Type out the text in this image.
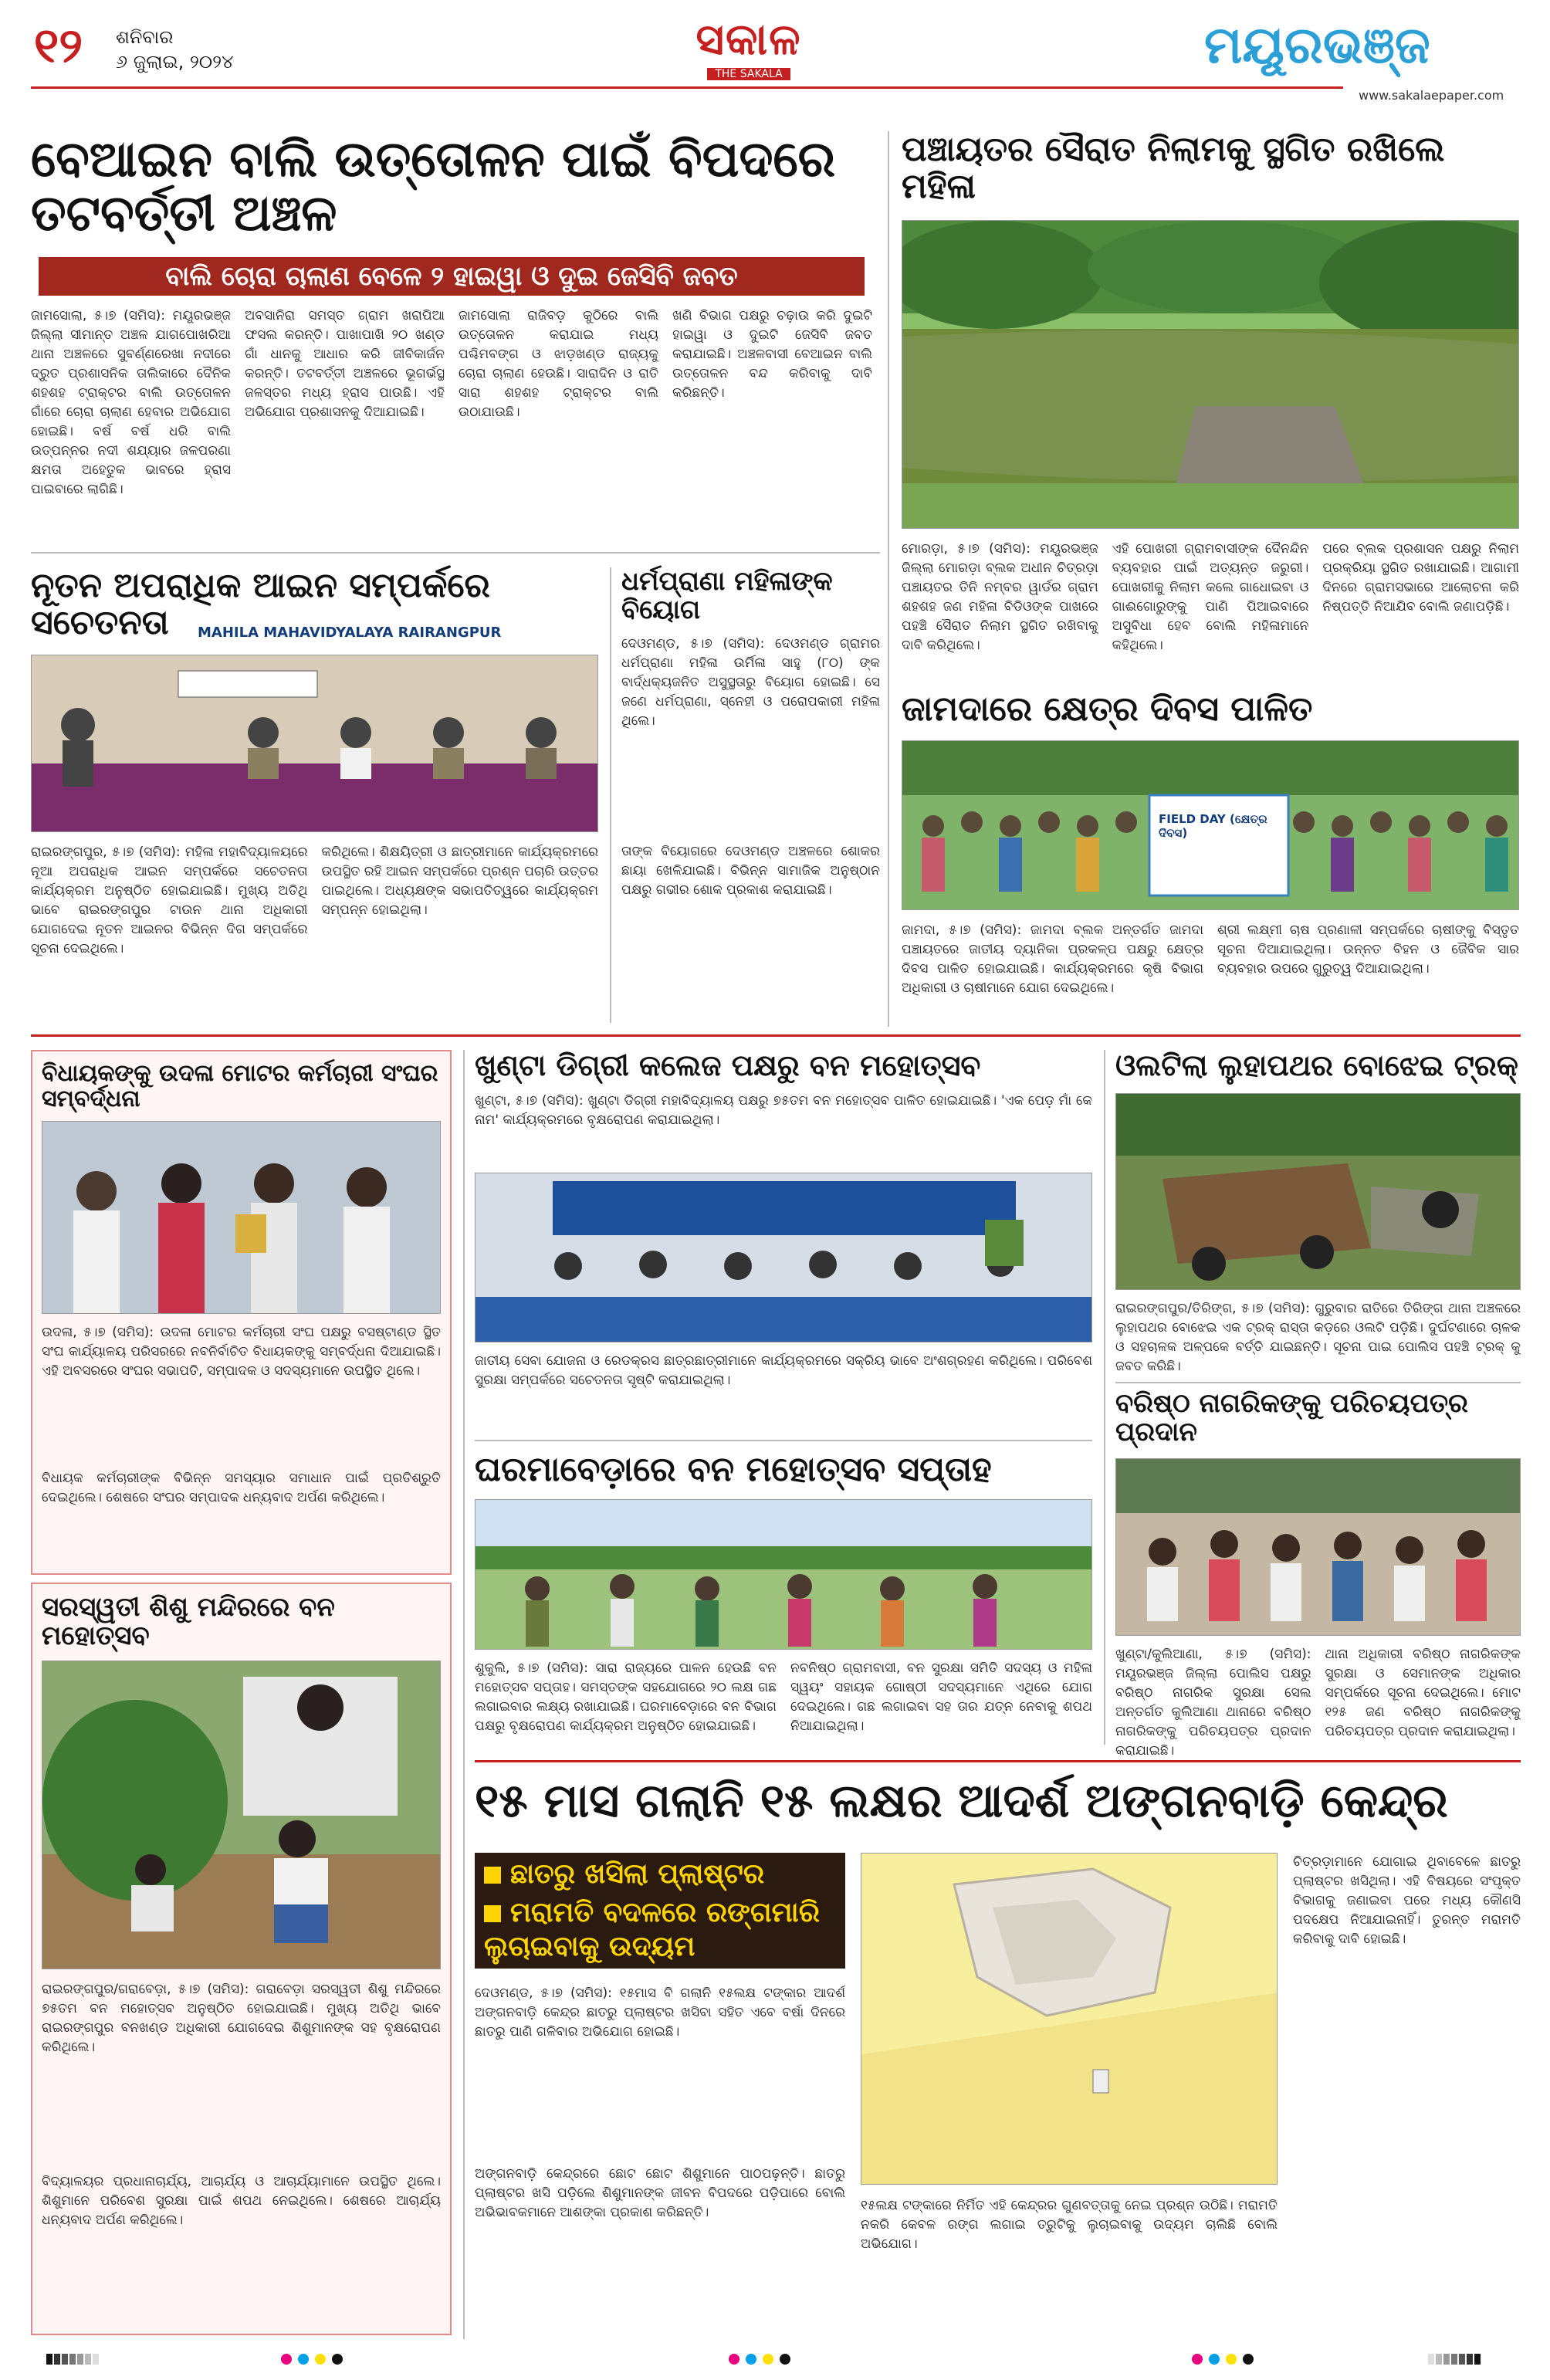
୧୨ ଶନିବାର
୬ ଜୁଲାଇ, ୨୦୨୪	ସକାଳ
THE SAKALA	ମୟୂରଭଞ୍ଜ
www.sakalaepaper.com
ବେଆଇନ ବାଲି ଉତ୍ତୋଳନ ପାଇଁ ବିପଦରେ ତଟବର୍ତ୍ତୀ ଅଞ୍ଚଳ
ବାଲି ଚୋରା ଚାଲାଣ ବେଳେ ୨ ହାଇୱା ଓ ଦୁଇ ଜେସିବି ଜବତ
ଜାମସୋଲା, ୫।୭ (ସମିସ): ମୟୂରଭଞ୍ଜ ଜିଲ୍ଲା ସୀମାନ୍ତ ଅଞ୍ଚଳ ଯାଗପୋଖରିଆ ଥାନା ଅଞ୍ଚଳରେ ସୁବର୍ଣ୍ଣରେଖା ନଦୀରେ ଦ୍ରୁତ ପ୍ରଶାସନିକ ତାଲିକାରେ ଦୈନିକ ଶହଶହ ଟ୍ରାକ୍ଟର ବାଲି ଉତ୍ତୋଳନ ଗାଁରେ ଚୋରା ଚାଲାଣ ହେବାର ଅଭିଯୋଗ ହୋଇଛି। ବର୍ଷ ବର୍ଷ ଧରି ବାଲି ଉତ୍ପନ୍ନର ନଦୀ ଶଯ୍ୟାର ଜଳପରଣା କ୍ଷମତା ଅହେତୁକ ଭାବରେ ହ୍ରାସ ପାଇବାରେ ଲାଗିଛି।
ଅବସାନିରା ସମସ୍ତ ଗ୍ରାମ ଖରାପିଆ ଫସଲ କରନ୍ତି। ପାଖାପାଖି ୨୦ ଖଣ୍ଡ ଗାଁ ଧାନକୁ ଆଧାର କରି ଜୀବିକାର୍ଜନ କରନ୍ତି। ତଟବର୍ତ୍ତୀ ଅଞ୍ଚଳରେ ଭୂଗର୍ଭସ୍ଥ ଜଳସ୍ତର ମଧ୍ୟ ହ୍ରାସ ପାଉଛି। ଏହି ଅଭିଯୋଗ ପ୍ରଶାସନକୁ ଦିଆଯାଇଛି।
ଜାମସୋଲା ରାଜିବଡ଼ କୁଠିରେ ବାଲି ଉତ୍ତୋଳନ କରାଯାଇ ମଧ୍ୟ ପଶ୍ଚିମବଙ୍ଗ ଓ ଝାଡ଼ଖଣ୍ଡ ରାଜ୍ୟକୁ ଚୋରା ଚାଲାଣ ହେଉଛି। ସାରାଦିନ ଓ ରାତି ସାରା ଶହଶହ ଟ୍ରାକ୍ଟର ବାଲି ଉଠାଯାଉଛି।
ଖଣି ବିଭାଗ ପକ୍ଷରୁ ଚଢ଼ାଉ କରି ଦୁଇଟି ହାଇୱା ଓ ଦୁଇଟି ଜେସିବି ଜବତ କରାଯାଇଛି। ଅଞ୍ଚଳବାସୀ ବେଆଇନ ବାଲି ଉତ୍ତୋଳନ ବନ୍ଦ କରିବାକୁ ଦାବି କରିଛନ୍ତି।
ପଞ୍ଚାୟତର ସୈରାତ ନିଲାମକୁ ସ୍ଥଗିତ ରଖିଲେ ମହିଳା
ମୋରଡ଼ା, ୫।୭ (ସମିସ): ମୟୂରଭଞ୍ଜ ଜିଲ୍ଲା ମୋରଡ଼ା ବ୍ଲକ ଅଧୀନ ଚିତ୍ରଡ଼ା ପଞ୍ଚାୟତର ତିନି ନମ୍ବର ୱାର୍ଡର ଗ୍ରାମ ଶହଶହ ଜଣ ମହିଳା ବିଡିଓଙ୍କ ପାଖରେ ପହଞ୍ଚି ସୈରାତ ନିଲାମ ସ୍ଥଗିତ ରଖିବାକୁ ଦାବି କରିଥିଲେ।
ଏହି ପୋଖରୀ ଗ୍ରାମବାସୀଙ୍କ ଦୈନନ୍ଦିନ ବ୍ୟବହାର ପାଇଁ ଅତ୍ୟନ୍ତ ଜରୁରୀ। ପୋଖରୀକୁ ନିଲାମ କଲେ ଗାଧୋଇବା ଓ ଗାଈଗୋରୁଙ୍କୁ ପାଣି ପିଆଇବାରେ ଅସୁବିଧା ହେବ ବୋଲି ମହିଳାମାନେ କହିଥିଲେ।
ପରେ ବ୍ଲକ ପ୍ରଶାସନ ପକ୍ଷରୁ ନିଲାମ ପ୍ରକ୍ରିୟା ସ୍ଥଗିତ ରଖାଯାଇଛି। ଆଗାମୀ ଦିନରେ ଗ୍ରାମସଭାରେ ଆଲୋଚନା କରି ନିଷ୍ପତ୍ତି ନିଆଯିବ ବୋଲି ଜଣାପଡ଼ିଛି।
ନୂତନ ଅପରାଧିକ ଆଇନ ସମ୍ପର୍କରେ ସଚେତନତା	MAHILA MAHAVIDYALAYA RAIRANGPUR
ରାଇରଙ୍ଗପୁର, ୫।୭ (ସମିସ): ମହିଳା ମହାବିଦ୍ୟାଳୟରେ ନୂଆ ଅପରାଧିକ ଆଇନ ସମ୍ପର୍କରେ ସଚେତନତା କାର୍ଯ୍ୟକ୍ରମ ଅନୁଷ୍ଠିତ ହୋଇଯାଇଛି। ମୁଖ୍ୟ ଅତିଥି ଭାବେ ରାଇରଙ୍ଗପୁର ଟାଉନ ଥାନା ଅଧିକାରୀ ଯୋଗଦେଇ ନୂତନ ଆଇନର ବିଭିନ୍ନ ଦିଗ ସମ୍ପର୍କରେ ସୂଚନା ଦେଇଥିଲେ।
କରିଥିଲେ। ଶିକ୍ଷୟିତ୍ରୀ ଓ ଛାତ୍ରୀମାନେ କାର୍ଯ୍ୟକ୍ରମରେ ଉପସ୍ଥିତ ରହି ଆଇନ ସମ୍ପର୍କରେ ପ୍ରଶ୍ନ ପଚାରି ଉତ୍ତର ପାଇଥିଲେ। ଅଧ୍ୟକ୍ଷଙ୍କ ସଭାପତିତ୍ୱରେ କାର୍ଯ୍ୟକ୍ରମ ସମ୍ପନ୍ନ ହୋଇଥିଲା।
ଧର୍ମପ୍ରାଣା ମହିଳାଙ୍କ ବିୟୋଗ
ଦେଓମଣ୍ଡ, ୫।୭ (ସମିସ): ଦେଓମଣ୍ଡ ଗ୍ରାମର ଧର୍ମପ୍ରାଣା ମହିଳା ଉର୍ମିଳା ସାହୁ (୮୦) ଙ୍କ ବାର୍ଦ୍ଧକ୍ୟଜନିତ ଅସୁସ୍ଥତାରୁ ବିୟୋଗ ହୋଇଛି। ସେ ଜଣେ ଧର୍ମପ୍ରାଣା, ସ୍ନେହୀ ଓ ପରୋପକାରୀ ମହିଳା ଥିଲେ।
ତାଙ୍କ ବିୟୋଗରେ ଦେଓମଣ୍ଡ ଅଞ୍ଚଳରେ ଶୋକର ଛାୟା ଖେଳିଯାଇଛି। ବିଭିନ୍ନ ସାମାଜିକ ଅନୁଷ୍ଠାନ ପକ୍ଷରୁ ଗଭୀର ଶୋକ ପ୍ରକାଶ କରାଯାଇଛି।
ଜାମଦାରେ କ୍ଷେତ୍ର ଦିବସ ପାଳିତ
FIELD DAY (କ୍ଷେତ୍ର ଦିବସ)
ଜାମଦା, ୫।୭ (ସମିସ): ଜାମଦା ବ୍ଲକ ଅନ୍ତର୍ଗତ ଜାମଦା ପଞ୍ଚାୟତରେ ଜାତୀୟ ଦ୍ୟାନିକା ପ୍ରକଳ୍ପ ପକ୍ଷରୁ କ୍ଷେତ୍ର ଦିବସ ପାଳିତ ହୋଇଯାଇଛି। କାର୍ଯ୍ୟକ୍ରମରେ କୃଷି ବିଭାଗ ଅଧିକାରୀ ଓ ଚାଷୀମାନେ ଯୋଗ ଦେଇଥିଲେ।
ଶ୍ରୀ ଲକ୍ଷ୍ମୀ ଚାଷ ପ୍ରଣାଳୀ ସମ୍ପର୍କରେ ଚାଷୀଙ୍କୁ ବିସ୍ତୃତ ସୂଚନା ଦିଆଯାଇଥିଲା। ଉନ୍ନତ ବିହନ ଓ ଜୈବିକ ସାର ବ୍ୟବହାର ଉପରେ ଗୁରୁତ୍ୱ ଦିଆଯାଇଥିଲା।
ବିଧାୟକଙ୍କୁ ଉଦଳା ମୋଟର କର୍ମଚାରୀ ସଂଘର ସମ୍ବର୍ଦ୍ଧନା
ଉଦଳା, ୫।୭ (ସମିସ): ଉଦଳା ମୋଟର କର୍ମଚାରୀ ସଂଘ ପକ୍ଷରୁ ବସଷ୍ଟାଣ୍ଡ ସ୍ଥିତ ସଂଘ କାର୍ଯ୍ୟାଳୟ ପରିସରରେ ନବନିର୍ବାଚିତ ବିଧାୟକଙ୍କୁ ସମ୍ବର୍ଦ୍ଧନା ଦିଆଯାଇଛି। ଏହି ଅବସରରେ ସଂଘର ସଭାପତି, ସମ୍ପାଦକ ଓ ସଦସ୍ୟମାନେ ଉପସ୍ଥିତ ଥିଲେ।
ବିଧାୟକ କର୍ମଚାରୀଙ୍କ ବିଭିନ୍ନ ସମସ୍ୟାର ସମାଧାନ ପାଇଁ ପ୍ରତିଶ୍ରୁତି ଦେଇଥିଲେ। ଶେଷରେ ସଂଘର ସମ୍ପାଦକ ଧନ୍ୟବାଦ ଅର୍ପଣ କରିଥିଲେ।
ସରସ୍ୱତୀ ଶିଶୁ ମନ୍ଦିରରେ ବନ ମହୋତ୍ସବ
ରାଇରଙ୍ଗପୁର/ଗରାବେଡ଼ା, ୫।୭ (ସମିସ): ଗରାବେଡ଼ା ସରସ୍ୱତୀ ଶିଶୁ ମନ୍ଦିରରେ ୭୫ତମ ବନ ମହୋତ୍ସବ ଅନୁଷ୍ଠିତ ହୋଇଯାଇଛି। ମୁଖ୍ୟ ଅତିଥି ଭାବେ ରାଇରଙ୍ଗପୁର ବନଖଣ୍ଡ ଅଧିକାରୀ ଯୋଗଦେଇ ଶିଶୁମାନଙ୍କ ସହ ବୃକ୍ଷରୋପଣ କରିଥିଲେ।
ବିଦ୍ୟାଳୟର ପ୍ରଧାନାଚାର୍ଯ୍ୟ, ଆଚାର୍ଯ୍ୟ ଓ ଆଚାର୍ଯ୍ୟାମାନେ ଉପସ୍ଥିତ ଥିଲେ। ଶିଶୁମାନେ ପରିବେଶ ସୁରକ୍ଷା ପାଇଁ ଶପଥ ନେଇଥିଲେ। ଶେଷରେ ଆଚାର୍ଯ୍ୟ ଧନ୍ୟବାଦ ଅର୍ପଣ କରିଥିଲେ।
ଖୁଣ୍ଟା ଡିଗ୍ରୀ କଲେଜ ପକ୍ଷରୁ ବନ ମହୋତ୍ସବ
ଖୁଣ୍ଟା, ୫।୭ (ସମିସ): ଖୁଣ୍ଟା ଡିଗ୍ରୀ ମହାବିଦ୍ୟାଳୟ ପକ୍ଷରୁ ୭୫ତମ ବନ ମହୋତ୍ସବ ପାଳିତ ହୋଇଯାଇଛି। 'ଏକ ପେଡ଼ ମାଁ କେ ନାମ' କାର୍ଯ୍ୟକ୍ରମରେ ବୃକ୍ଷରୋପଣ କରାଯାଇଥିଲା।
ଜାତୀୟ ସେବା ଯୋଜନା ଓ ରେଡକ୍ରସ ଛାତ୍ରଛାତ୍ରୀମାନେ କାର୍ଯ୍ୟକ୍ରମରେ ସକ୍ରିୟ ଭାବେ ଅଂଶଗ୍ରହଣ କରିଥିଲେ। ପରିବେଶ ସୁରକ୍ଷା ସମ୍ପର୍କରେ ସଚେତନତା ସୃଷ୍ଟି କରାଯାଇଥିଲା।
ଘରମାବେଡ଼ାରେ ବନ ମହୋତ୍ସବ ସପ୍ତାହ
ଶୁକୁଲି, ୫।୭ (ସମିସ): ସାରା ରାଜ୍ୟରେ ପାଳନ ହେଉଛି ବନ ମହୋତ୍ସବ ସପ୍ତାହ। ସମସ୍ତଙ୍କ ସହଯୋଗରେ ୨୦ ଲକ୍ଷ ଗଛ ଲଗାଇବାର ଲକ୍ଷ୍ୟ ରଖାଯାଇଛି। ଘରମାବେଡ଼ାରେ ବନ ବିଭାଗ ପକ୍ଷରୁ ବୃକ୍ଷରୋପଣ କାର୍ଯ୍ୟକ୍ରମ ଅନୁଷ୍ଠିତ ହୋଇଯାଇଛି।
ନବନିଷ୍ଠ ଗ୍ରାମବାସୀ, ବନ ସୁରକ୍ଷା ସମିତି ସଦସ୍ୟ ଓ ମହିଳା ସ୍ୱୟଂ ସହାୟକ ଗୋଷ୍ଠୀ ସଦସ୍ୟମାନେ ଏଥିରେ ଯୋଗ ଦେଇଥିଲେ। ଗଛ ଲଗାଇବା ସହ ତାର ଯତ୍ନ ନେବାକୁ ଶପଥ ନିଆଯାଇଥିଲା।
ଓଲଟିଲା ଲୁହାପଥର ବୋଝେଇ ଟ୍ରକ୍
ରାଇରଙ୍ଗପୁର/ତିରିଙ୍ଗ, ୫।୭ (ସମିସ): ଗୁରୁବାର ରାତିରେ ତିରିଙ୍ଗ ଥାନା ଅଞ୍ଚଳରେ ଲୁହାପଥର ବୋଝେଇ ଏକ ଟ୍ରକ୍ ରାସ୍ତା କଡ଼ରେ ଓଲଟି ପଡ଼ିଛି। ଦୁର୍ଘଟଣାରେ ଚାଳକ ଓ ସହଚାଳକ ଅଳ୍ପକେ ବର୍ତ୍ତି ଯାଇଛନ୍ତି। ସୂଚନା ପାଇ ପୋଲିସ ପହଞ୍ଚି ଟ୍ରକ୍ କୁ ଜବତ କରିଛି।
ବରିଷ୍ଠ ନାଗରିକଙ୍କୁ ପରିଚୟପତ୍ର ପ୍ରଦାନ
ଖୁଣ୍ଟା/କୁଲିଆଣା, ୫।୭ (ସମିସ): ମୟୂରଭଞ୍ଜ ଜିଲ୍ଲା ପୋଲିସ ପକ୍ଷରୁ ବରିଷ୍ଠ ନାଗରିକ ସୁରକ୍ଷା ସେଲ ଅନ୍ତର୍ଗତ କୁଲିଆଣା ଥାନାରେ ବରିଷ୍ଠ ନାଗରିକଙ୍କୁ ପରିଚୟପତ୍ର ପ୍ରଦାନ କରାଯାଇଛି।
ଥାନା ଅଧିକାରୀ ବରିଷ୍ଠ ନାଗରିକଙ୍କ ସୁରକ୍ଷା ଓ ସେମାନଙ୍କ ଅଧିକାର ସମ୍ପର୍କରେ ସୂଚନା ଦେଇଥିଲେ। ମୋଟ ୧୨୫ ଜଣ ବରିଷ୍ଠ ନାଗରିକଙ୍କୁ ପରିଚୟପତ୍ର ପ୍ରଦାନ କରାଯାଇଥିଲା।
୧୫ ମାସ ଗଲାନି ୧୫ ଲକ୍ଷର ଆଦର୍ଶ ଅଙ୍ଗନବାଡ଼ି କେନ୍ଦ୍ର
ଛାତରୁ ଖସିଲା ପ୍ଲାଷ୍ଟର
ମରାମତି ବଦଳରେ ରଙ୍ଗମାରି ଲୁଚାଇବାକୁ ଉଦ୍ୟମ
ଦେଓମଣ୍ଡ, ୫।୭ (ସମିସ): ୧୫ମାସ ବି ଗଲାନି ୧୫ଲକ୍ଷ ଟଙ୍କାର ଆଦର୍ଶ ଅଙ୍ଗନବାଡ଼ି କେନ୍ଦ୍ର ଛାତରୁ ପ୍ଲାଷ୍ଟର ଖସିବା ସହିତ ଏବେ ବର୍ଷା ଦିନରେ ଛାତରୁ ପାଣି ଗଳିବାର ଅଭିଯୋଗ ହୋଇଛି।
ଅଙ୍ଗନବାଡ଼ି କେନ୍ଦ୍ରରେ ଛୋଟ ଛୋଟ ଶିଶୁମାନେ ପାଠପଢ଼ନ୍ତି। ଛାତରୁ ପ୍ଲାଷ୍ଟର ଖସି ପଡ଼ିଲେ ଶିଶୁମାନଙ୍କ ଜୀବନ ବିପଦରେ ପଡ଼ିପାରେ ବୋଲି ଅଭିଭାବକମାନେ ଆଶଙ୍କା ପ୍ରକାଶ କରିଛନ୍ତି।	୧୫ଲକ୍ଷ ଟଙ୍କାରେ ନିର୍ମିତ ଏହି କେନ୍ଦ୍ରର ଗୁଣବତ୍ତାକୁ ନେଇ ପ୍ରଶ୍ନ ଉଠିଛି। ମରାମତି ନକରି କେବଳ ରଙ୍ଗ ଲଗାଇ ତ୍ରୁଟିକୁ ଲୁଚାଇବାକୁ ଉଦ୍ୟମ ଚାଲିଛି ବୋଲି ଅଭିଯୋଗ।
ଚିତ୍ରଡ଼ାମାନେ ଯୋଗାଇ ଥିବାବେଳେ ଛାତରୁ ପ୍ଲାଷ୍ଟର ଖସିଥିଲା। ଏହି ବିଷୟରେ ସଂପୃକ୍ତ ବିଭାଗକୁ ଜଣାଇବା ପରେ ମଧ୍ୟ କୌଣସି ପଦକ୍ଷେପ ନିଆଯାଇନାହିଁ। ତୁରନ୍ତ ମରାମତି କରିବାକୁ ଦାବି ହୋଇଛି।
